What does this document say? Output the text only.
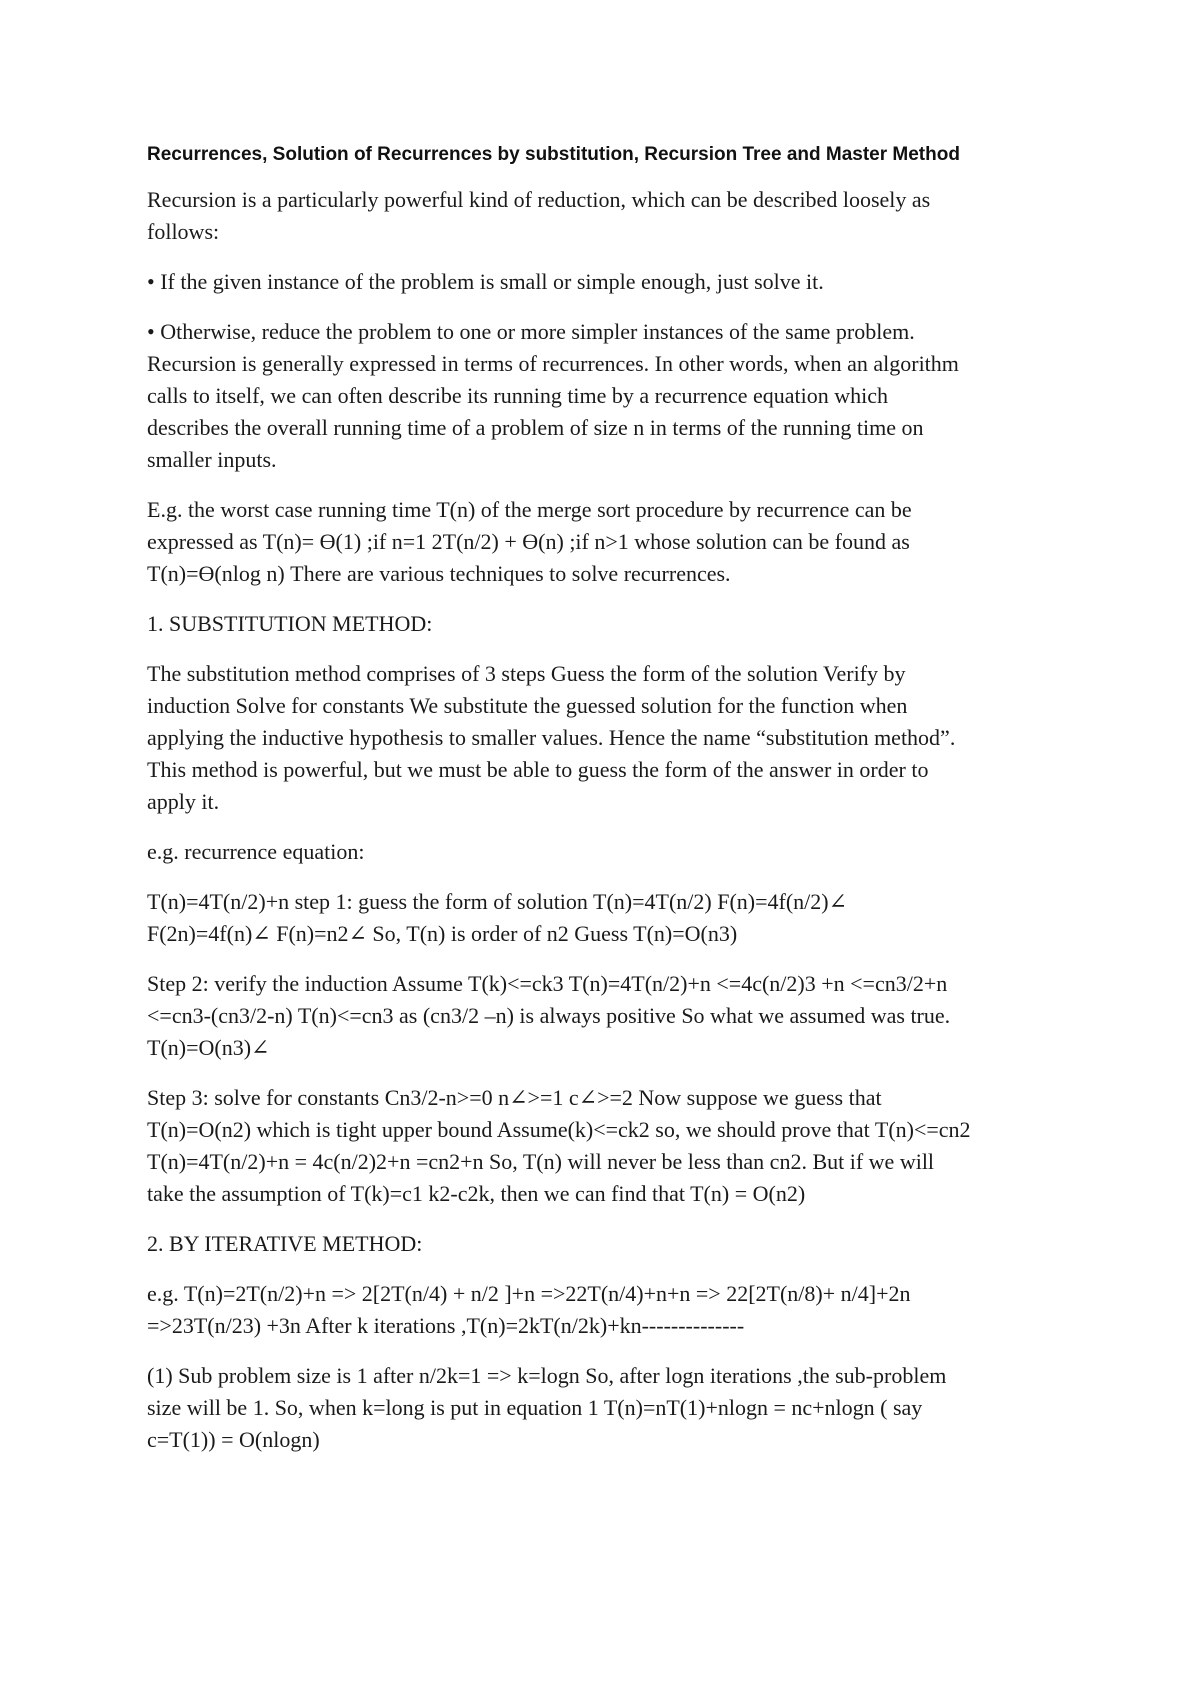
Recurrences, Solution of Recurrences by substitution, Recursion Tree and Master Method
Recursion is a particularly powerful kind of reduction, which can be described loosely as
follows:
• If the given instance of the problem is small or simple enough, just solve it.
• Otherwise, reduce the problem to one or more simpler instances of the same problem.
Recursion is generally expressed in terms of recurrences. In other words, when an algorithm
calls to itself, we can often describe its running time by a recurrence equation which
describes the overall running time of a problem of size n in terms of the running time on
smaller inputs.
E.g. the worst case running time T(n) of the merge sort procedure by recurrence can be
expressed as T(n)= ϴ(1) ;if n=1 2T(n/2) + ϴ(n) ;if n>1 whose solution can be found as
T(n)=ϴ(nlog n) There are various techniques to solve recurrences.
1. SUBSTITUTION METHOD:
The substitution method comprises of 3 steps Guess the form of the solution Verify by
induction Solve for constants We substitute the guessed solution for the function when
applying the inductive hypothesis to smaller values. Hence the name “substitution method”.
This method is powerful, but we must be able to guess the form of the answer in order to
apply it.
e.g. recurrence equation:
T(n)=4T(n/2)+n step 1: guess the form of solution T(n)=4T(n/2) F(n)=4f(n/2)∠
F(2n)=4f(n)∠ F(n)=n2∠ So, T(n) is order of n2 Guess T(n)=O(n3)
Step 2: verify the induction Assume T(k)<=ck3 T(n)=4T(n/2)+n <=4c(n/2)3 +n <=cn3/2+n
<=cn3-(cn3/2-n) T(n)<=cn3 as (cn3/2 –n) is always positive So what we assumed was true.
T(n)=O(n3)∠
Step 3: solve for constants Cn3/2-n>=0 n∠>=1 c∠>=2 Now suppose we guess that
T(n)=O(n2) which is tight upper bound Assume(k)<=ck2 so, we should prove that T(n)<=cn2
T(n)=4T(n/2)+n = 4c(n/2)2+n =cn2+n So, T(n) will never be less than cn2. But if we will
take the assumption of T(k)=c1 k2-c2k, then we can find that T(n) = O(n2)
2. BY ITERATIVE METHOD:
e.g. T(n)=2T(n/2)+n => 2[2T(n/4) + n/2 ]+n =>22T(n/4)+n+n => 22[2T(n/8)+ n/4]+2n
=>23T(n/23) +3n After k iterations ,T(n)=2kT(n/2k)+kn--------------
(1) Sub problem size is 1 after n/2k=1 => k=logn So, after logn iterations ,the sub-problem
size will be 1. So, when k=long is put in equation 1 T(n)=nT(1)+nlogn = nc+nlogn ( say
c=T(1)) = O(nlogn)
